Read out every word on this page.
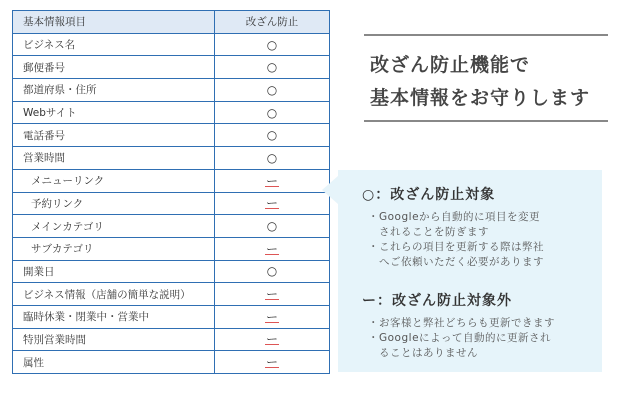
基本情報項目	改ざん防止
ビジネス名	○
郵便番号	○
都道府県・住所	○
Webサイト	○
電話番号	○
営業時間	○
メニューリンク	ー
予約リンク	ー
メインカテゴリ	○
サブカテゴリ	ー
開業日	○
ビジネス情報（店舗の簡単な説明）	ー
臨時休業・閉業中・営業中	ー
特別営業時間	ー
属性	ー
改ざん防止機能で
基本情報をお守りします
○：改ざん防止対象
・Googleから自動的に項目を変更
　されることを防ぎます
・これらの項目を更新する際は弊社
　へご依頼いただく必要があります
ー：改ざん防止対象外
・お客様と弊社どちらも更新できます
・Googleによって自動的に更新され
　ることはありません
